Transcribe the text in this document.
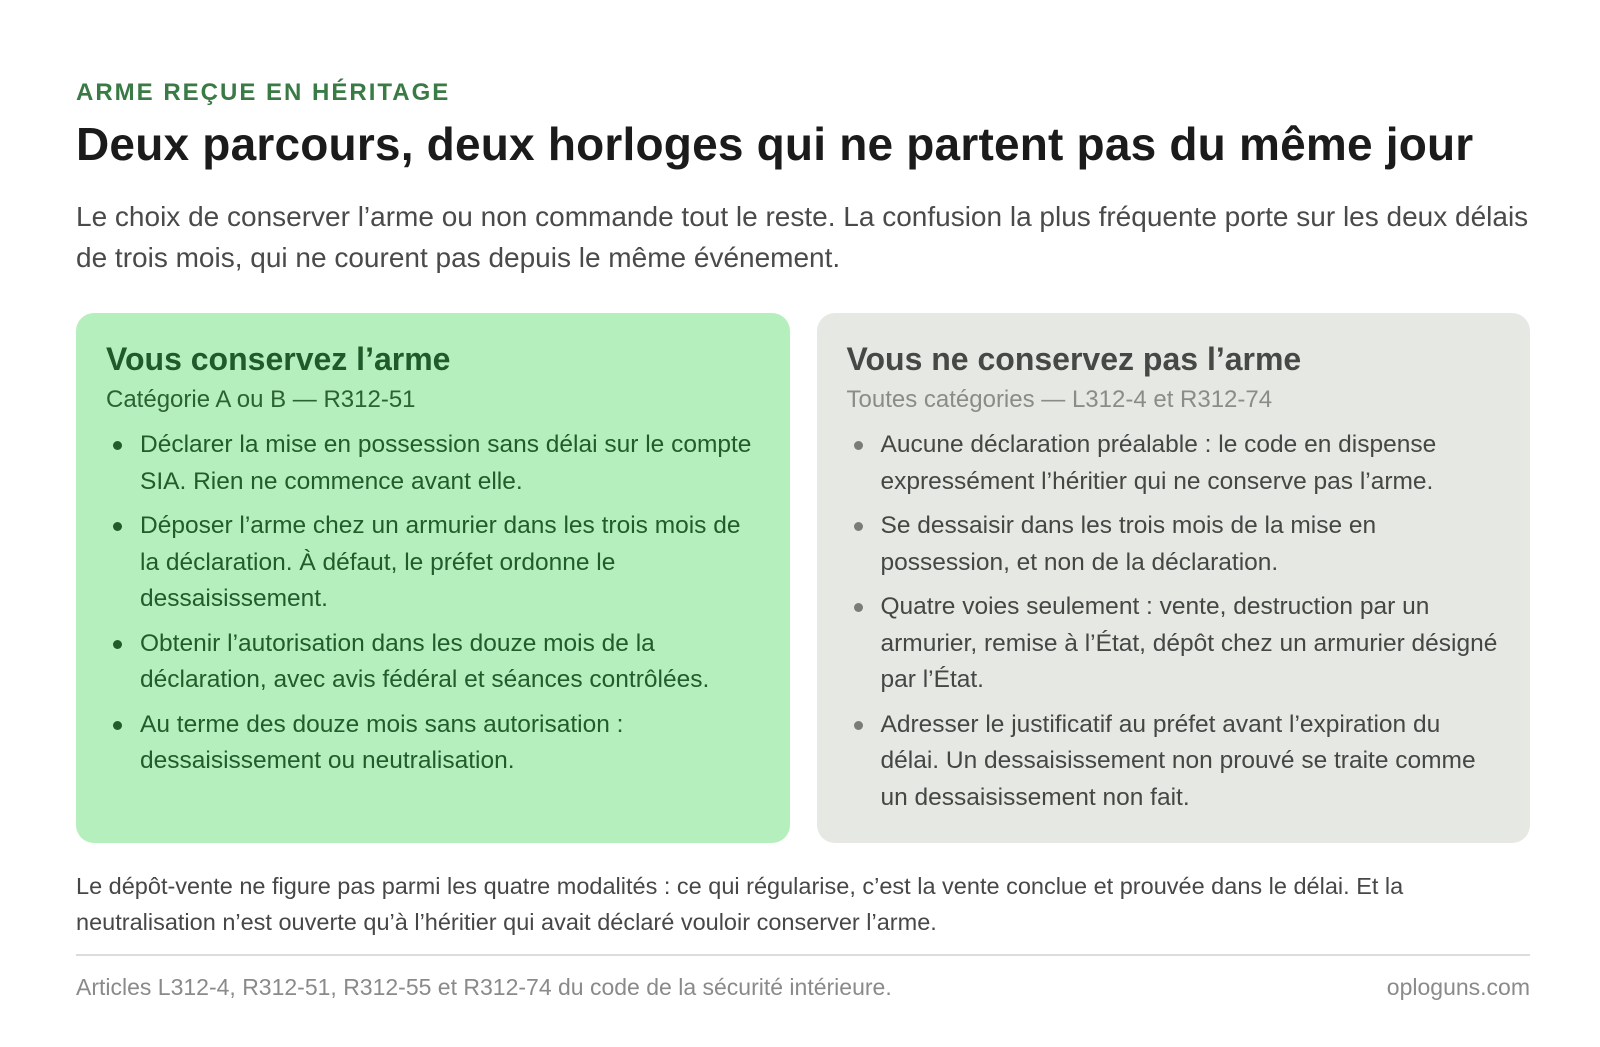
ARME REÇUE EN HÉRITAGE
Deux parcours, deux horloges qui ne partent pas du même jour

Le choix de conserver l’arme ou non commande tout le reste. La confusion la plus fréquente porte sur les deux délais de trois mois, qui ne courent pas depuis le même événement.

Vous conservez l’arme
Catégorie A ou B — R312-51
Déclarer la mise en possession sans délai sur le compte SIA. Rien ne commence avant elle.
Déposer l’arme chez un armurier dans les trois mois de la déclaration. À défaut, le préfet ordonne le dessaisissement.
Obtenir l’autorisation dans les douze mois de la déclaration, avec avis fédéral et séances contrôlées.
Au terme des douze mois sans autorisation : dessaisissement ou neutralisation.
Vous ne conservez pas l’arme
Toutes catégories — L312-4 et R312-74
Aucune déclaration préalable : le code en dispense expressément l’héritier qui ne conserve pas l’arme.
Se dessaisir dans les trois mois de la mise en possession, et non de la déclaration.
Quatre voies seulement : vente, destruction par un armurier, remise à l’État, dépôt chez un armurier désigné par l’État.
Adresser le justificatif au préfet avant l’expiration du délai. Un dessaisissement non prouvé se traite comme un dessaisissement non fait.

Le dépôt-vente ne figure pas parmi les quatre modalités : ce qui régularise, c’est la vente conclue et prouvée dans le délai. Et la neutralisation n’est ouverte qu’à l’héritier qui avait déclaré vouloir conserver l’arme.

Articles L312-4, R312-51, R312-55 et R312-74 du code de la sécurité intérieure.	oploguns.com
